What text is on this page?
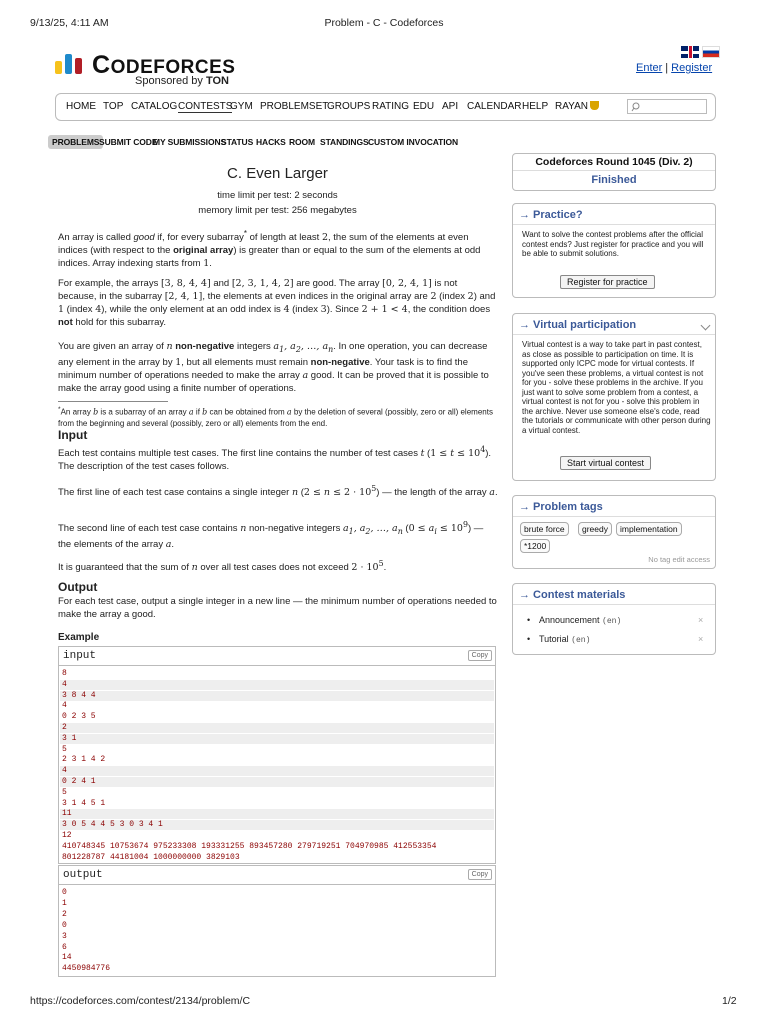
9/13/25, 4:11 AM	Problem - C - Codeforces
CODEFORCES
Sponsored by TON
Enter | Register
HOME TOP CATALOG CONTESTS
GYM PROBLEMSET
GROUPS RATING EDU API CALENDAR HELP RAYAN
PROBLEMS SUBMIT CODE
MY SUBMISSIONS
STATUS HACKS ROOM STANDINGS CUSTOM INVOCATION
C. Even Larger
time limit per test: 2 seconds
memory limit per test: 256 megabytes
An array is called good if, for every subarray* of length at least 2, the sum of the elements at even indices (with respect to the original array) is greater than or equal to the sum of the elements at odd indices. Array indexing starts from 1.
For example, the arrays [3, 8, 4, 4] and [2, 3, 1, 4, 2] are good. The array [0, 2, 4, 1] is not because, in the subarray [2, 4, 1], the elements at even indices in the original array are 2 (index 2) and 1 (index 4), while the only element at an odd index is 4 (index 3). Since 2 + 1 < 4, the condition does not hold for this subarray.
You are given an array of n non-negative integers $a_1$, $a_2$, …, $a_n$. In one operation, you can decrease any element in the array by 1, but all elements must remain non-negative. Your task is to find the minimum number of operations needed to make the array a good. It can be proved that it is possible to make the array good using a finite number of operations.
*An array b is a subarray of an array a if b can be obtained from a by the deletion of several (possibly, zero or all) elements from the beginning and several (possibly, zero or all) elements from the end.
Input
Each test contains multiple test cases. The first line contains the number of test cases t $(1 \le t \le 10^4)$. The description of the test cases follows.
The first line of each test case contains a single integer n $(2 \le n \le 2 \cdot 10^5)$ — the length of the array a.
The second line of each test case contains n non-negative integers $a_1$, $a_2$, …, $a_n$ $(0 \le a_i \le 10^9)$ — the elements of the array a.
It is guaranteed that the sum of n over all test cases does not exceed $2 \cdot 10^5$.
Output
For each test case, output a single integer in a new line — the minimum number of operations needed to make the array a good.
Example
input	Copy
8
4
3 8 4 4
4
0 2 3 5
2
3 1
5
2 3 1 4 2
4
0 2 4 1
5
3 1 4 5 1
11
3 0 5 4 4 5 3 0 3 4 1
12
410748345 10753674 975233308 193331255 893457280 279719251 704970985 412553354
801228787 44181004 1000000000 3829103
output	Copy
0
1
2
0
3
6
14
4450984776
Codeforces Round 1045 (Div. 2)
Finished
→ Practice?
Want to solve the contest problems after the official contest ends? Just register for practice and you will be able to submit solutions.
Register for practice
→ Virtual participation
Virtual contest is a way to take part in past contest, as close as possible to participation on time. It is supported only ICPC mode for virtual contests. If you've seen these problems, a virtual contest is not for you - solve these problems in the archive. If you just want to solve some problem from a contest, a virtual contest is not for you - solve this problem in the archive. Never use someone else's code, read the tutorials or communicate with other person during a virtual contest.
Start virtual contest
→ Problem tags
brute force	greedy	implementation
*1200
No tag edit access
→ Contest materials
• Announcement (en)	×
• Tutorial (en)	×
https://codeforces.com/contest/2134/problem/C	1/2
